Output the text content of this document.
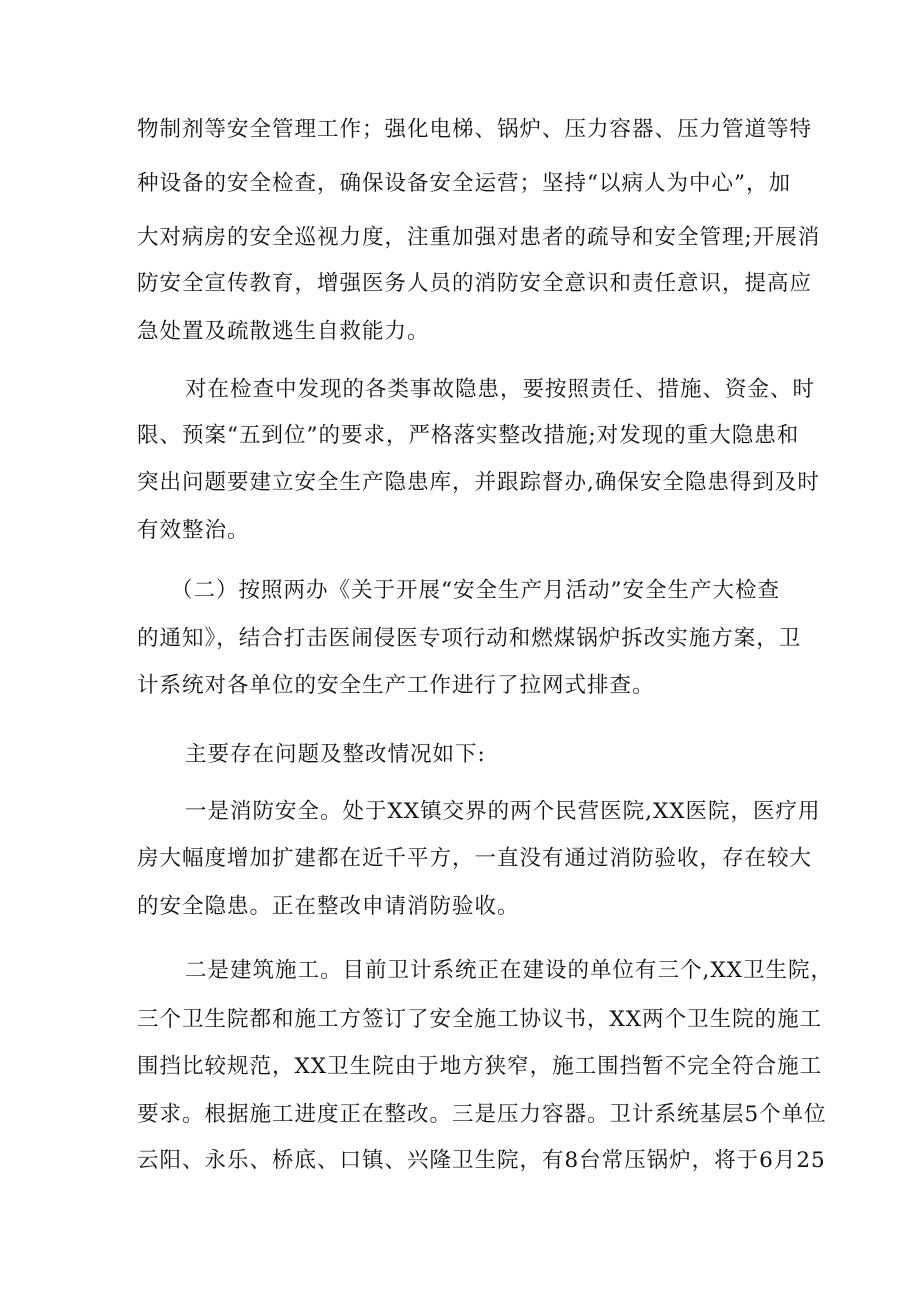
物制剂等安全管理工作；强化电梯、锅炉、压力容器、压力管道等特
种设备的安全检查，确保设备安全运营；坚持“以病人为中心”，加
大对病房的安全巡视力度，注重加强对患者的疏导和安全管理;开展消
防安全宣传教育，增强医务人员的消防安全意识和责任意识，提高应
急处置及疏散逃生自救能力。
对在检查中发现的各类事故隐患，要按照责任、措施、资金、时
限、预案“五到位”的要求，严格落实整改措施;对发现的重大隐患和
突出问题要建立安全生产隐患库，并跟踪督办,确保安全隐患得到及时
有效整治。
（二）按照两办《关于开展“安全生产月活动”安全生产大检查
的通知》，结合打击医闹侵医专项行动和燃煤锅炉拆改实施方案，卫
计系统对各单位的安全生产工作进行了拉网式排查。
主要存在问题及整改情况如下:
一是消防安全。处于XX镇交界的两个民营医院,XX医院，医疗用
房大幅度增加扩建都在近千平方，一直没有通过消防验收，存在较大
的安全隐患。正在整改申请消防验收。
二是建筑施工。目前卫计系统正在建设的单位有三个,XX卫生院，
三个卫生院都和施工方签订了安全施工协议书，XX两个卫生院的施工
围挡比较规范，XX卫生院由于地方狭窄，施工围挡暂不完全符合施工
要求。根据施工进度正在整改。三是压力容器。卫计系统基层5个单位
云阳、永乐、桥底、口镇、兴隆卫生院，有8台常压锅炉，将于6月25
